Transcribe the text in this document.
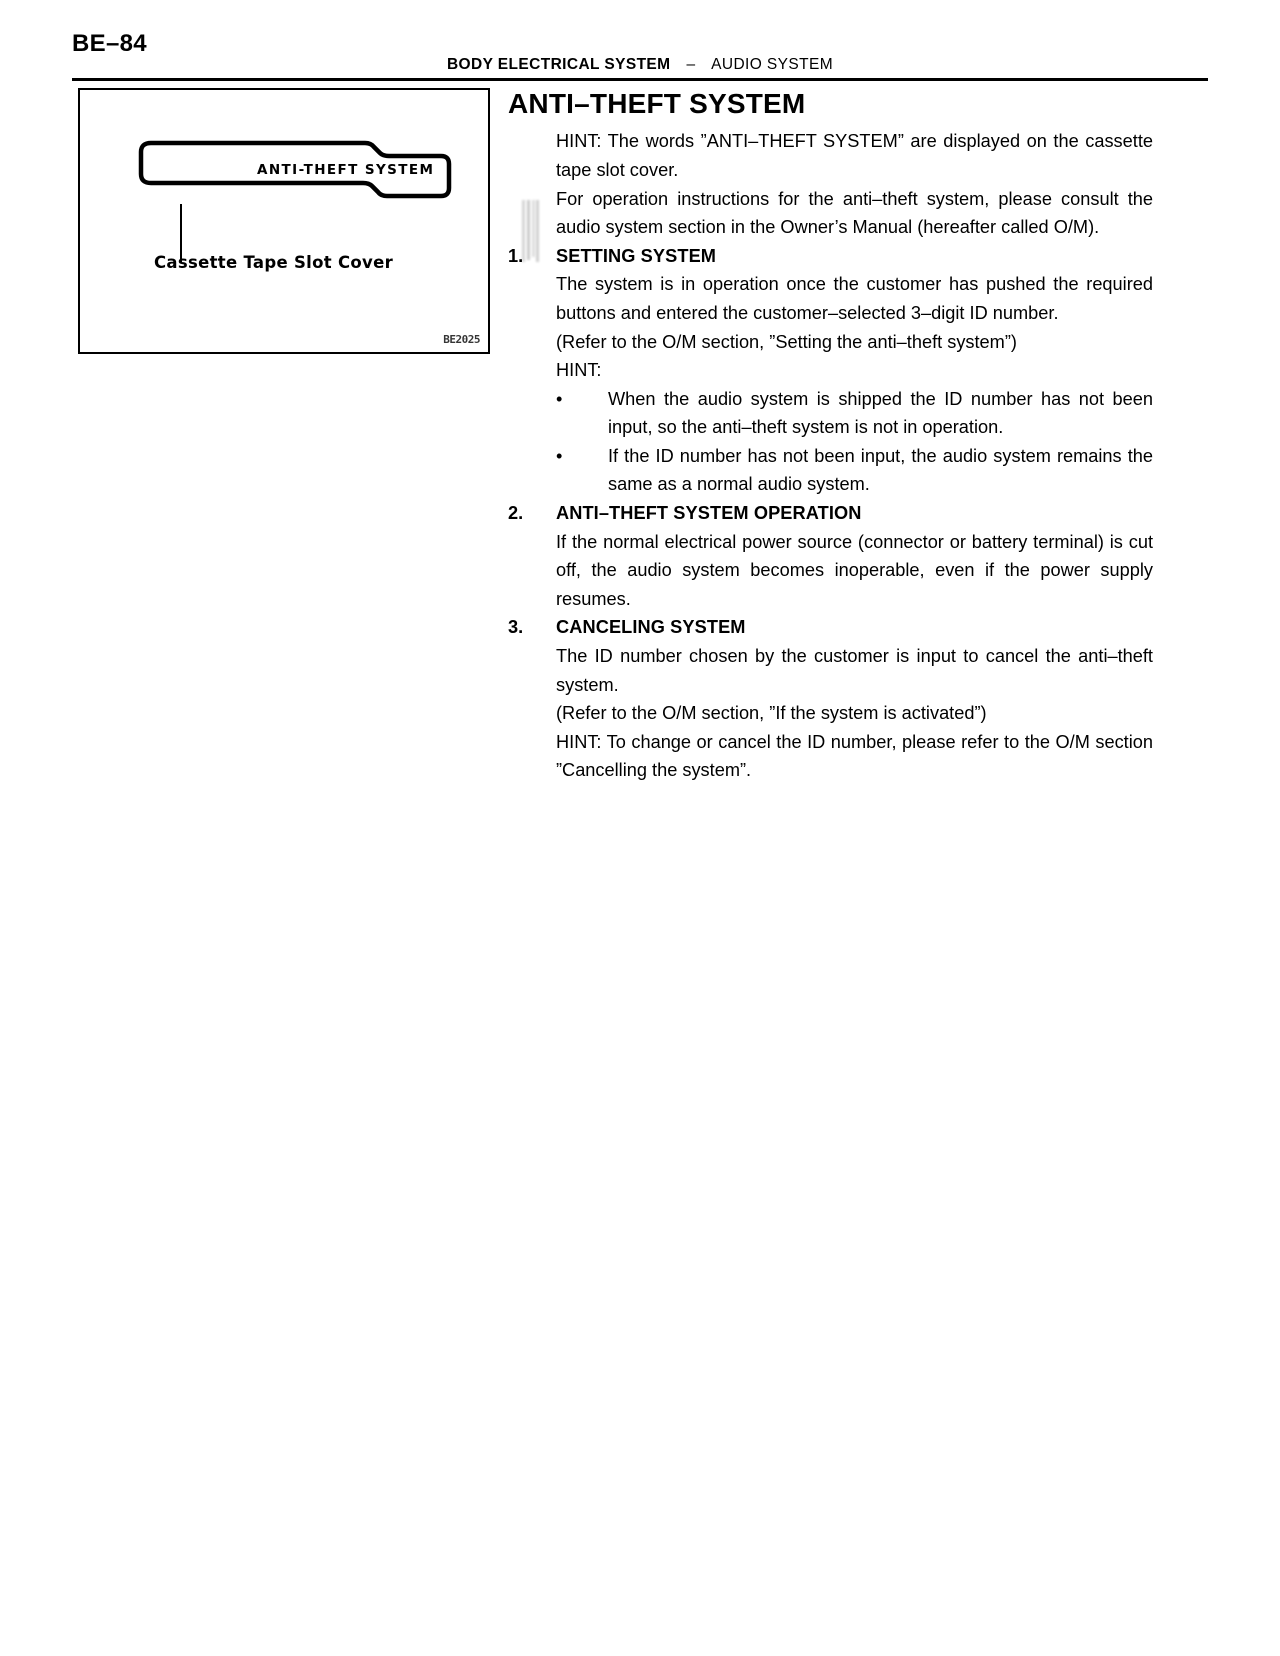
BE–84
BODY ELECTRICAL SYSTEM – AUDIO SYSTEM
ANTI-THEFT SYSTEM
Cassette Tape Slot Cover
BE2025
ANTI–THEFT SYSTEM

HINT: The words ”ANTI–THEFT SYSTEM” are displayed on the cassette tape slot cover.

For operation instructions for the anti–theft system, please consult the audio system section in the Owner’s Manual (hereafter called O/M).

1. SETTING SYSTEM

The system is in operation once the customer has pushed the required buttons and entered the customer–selected 3–digit ID number.

(Refer to the O/M section, ”Setting the anti–theft system”)

HINT:

•	When the audio system is shipped the ID number has not been input, so the anti–theft system is not in operation.
•	If the ID number has not been input, the audio system remains the same as a normal audio system.
2. ANTI–THEFT SYSTEM OPERATION

If the normal electrical power source (connector or battery terminal) is cut off, the audio system becomes inoperable, even if the power supply resumes.

3. CANCELING SYSTEM

The ID number chosen by the customer is input to cancel the anti–theft system.

(Refer to the O/M section, ”If the system is activated”)

HINT: To change or cancel the ID number, please refer to the O/M section ”Cancelling the system”.
